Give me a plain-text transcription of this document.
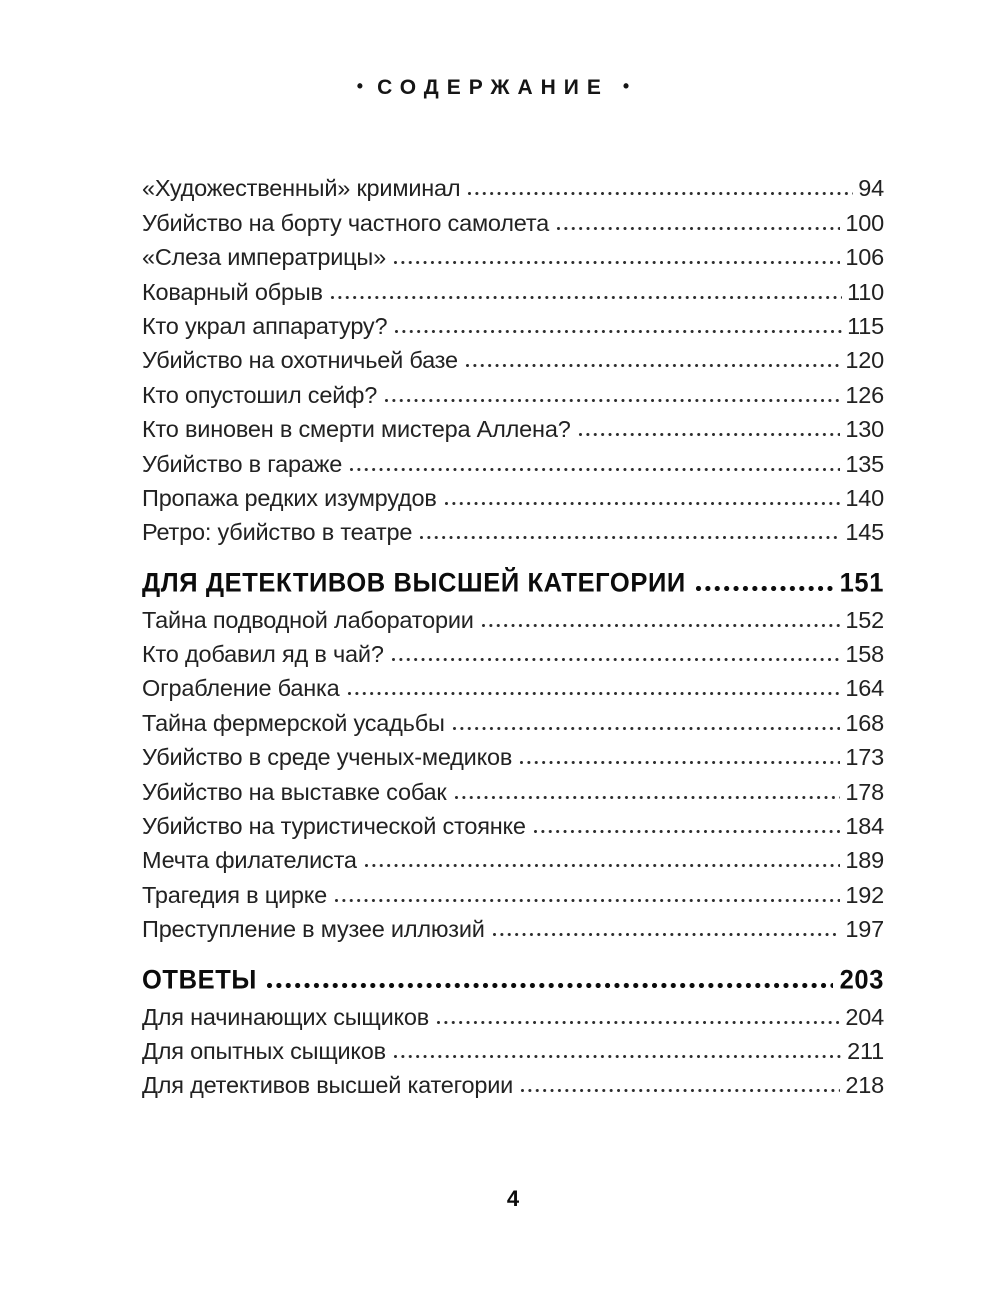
• СОДЕРЖАНИЕ •
«Художественный» криминал	94
Убийство на борту частного самолета	100
«Слеза императрицы»	106
Коварный обрыв	110
Кто украл аппаратуру?	115
Убийство на охотничьей базе	120
Кто опустошил сейф?	126
Кто виновен в смерти мистера Аллена?	130
Убийство в гараже	135
Пропажа редких изумрудов	140
Ретро: убийство в театре	145
ДЛЯ ДЕТЕКТИВОВ ВЫСШЕЙ КАТЕГОРИИ	151
Тайна подводной лаборатории	152
Кто добавил яд в чай?	158
Ограбление банка	164
Тайна фермерской усадьбы	168
Убийство в среде ученых-медиков	173
Убийство на выставке собак	178
Убийство на туристической стоянке	184
Мечта филателиста	189
Трагедия в цирке	192
Преступление в музее иллюзий	197
ОТВЕТЫ	203
Для начинающих сыщиков	204
Для опытных сыщиков	211
Для детективов высшей категории	218
4
